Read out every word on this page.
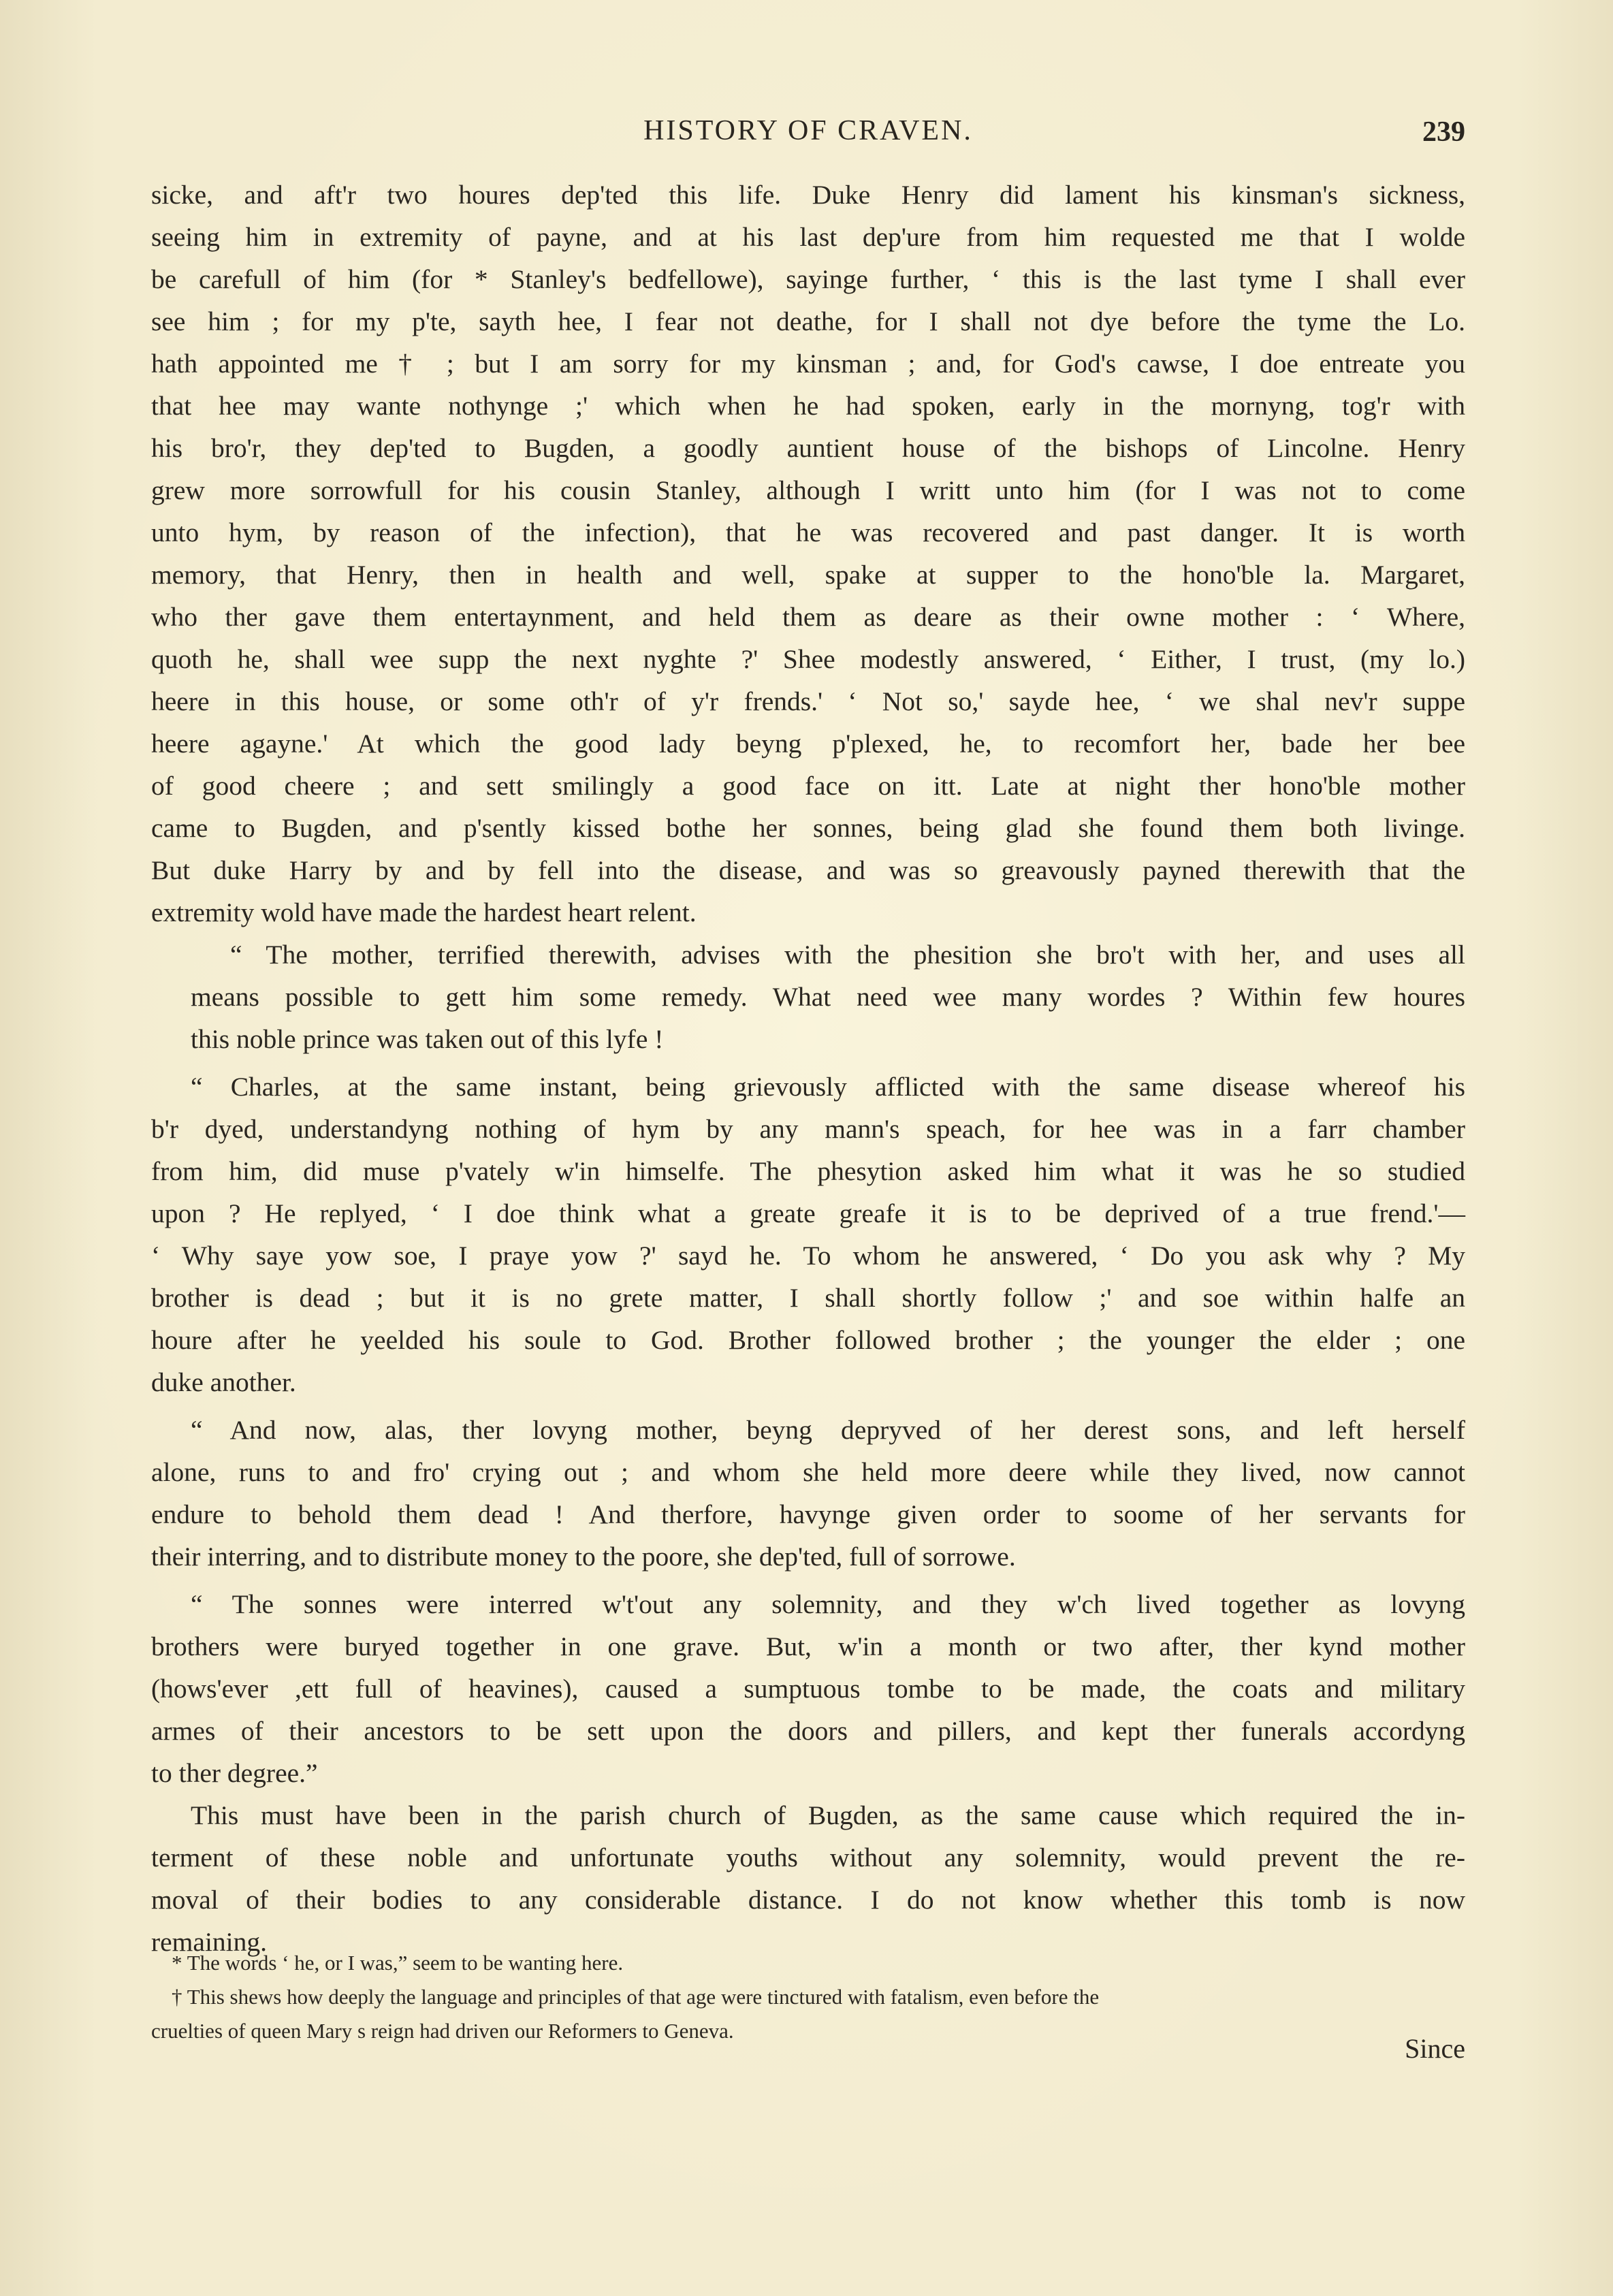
HISTORY OF CRAVEN.	239
sicke, and aft'r two houres dep'ted this life. Duke Henry did lament his kinsman's sickness,
seeing him in extremity of payne, and at his last dep'ure from him requested me that I wolde
be carefull of him (for * Stanley's bedfellowe), sayinge further, ‘ this is the last tyme I shall ever
see him ; for my p'te, sayth hee, I fear not deathe, for I shall not dye before the tyme the Lo.
hath appointed me † ; but I am sorry for my kinsman ; and, for God's cawse, I doe entreate you
that hee may wante nothynge ;' which when he had spoken, early in the mornyng, tog'r with
his bro'r, they dep'ted to Bugden, a goodly auntient house of the bishops of Lincolne. Henry
grew more sorrowfull for his cousin Stanley, although I writt unto him (for I was not to come
unto hym, by reason of the infection), that he was recovered and past danger. It is worth
memory, that Henry, then in health and well, spake at supper to the hono'ble la. Margaret,
who ther gave them entertaynment, and held them as deare as their owne mother : ‘ Where,
quoth he, shall wee supp the next nyghte ?' Shee modestly answered, ‘ Either, I trust, (my lo.)
heere in this house, or some oth'r of y'r frends.' ‘ Not so,' sayde hee, ‘ we shal nev'r suppe
heere agayne.' At which the good lady beyng p'plexed, he, to recomfort her, bade her bee
of good cheere ; and sett smilingly a good face on itt. Late at night ther hono'ble mother
came to Bugden, and p'sently kissed bothe her sonnes, being glad she found them both livinge.
But duke Harry by and by fell into the disease, and was so greavously payned therewith that the
extremity wold have made the hardest heart relent.
“ The mother, terrified therewith, advises with the phesition she bro't with her, and uses all
means possible to gett him some remedy. What need wee many wordes ? Within few houres
this noble prince was taken out of this lyfe !
“ Charles, at the same instant, being grievously afflicted with the same disease whereof his
b'r dyed, understandyng nothing of hym by any mann's speach, for hee was in a farr chamber
from him, did muse p'vately w'in himselfe. The phesytion asked him what it was he so studied
upon ? He replyed, ‘ I doe think what a greate greafe it is to be deprived of a true frend.'—
‘ Why saye yow soe, I praye yow ?' sayd he. To whom he answered, ‘ Do you ask why ? My
brother is dead ; but it is no grete matter, I shall shortly follow ;' and soe within halfe an
houre after he yeelded his soule to God. Brother followed brother ; the younger the elder ; one
duke another.
“ And now, alas, ther lovyng mother, beyng depryved of her derest sons, and left herself
alone, runs to and fro' crying out ; and whom she held more deere while they lived, now cannot
endure to behold them dead ! And therfore, havynge given order to soome of her servants for
their interring, and to distribute money to the poore, she dep'ted, full of sorrowe.
“ The sonnes were interred w't'out any solemnity, and they w'ch lived together as lovyng
brothers were buryed together in one grave. But, w'in a month or two after, ther kynd mother
(hows'ever ,ett full of heavines), caused a sumptuous tombe to be made, the coats and military
armes of their ancestors to be sett upon the doors and pillers, and kept ther funerals accordyng
to ther degree.”
This must have been in the parish church of Bugden, as the same cause which required the in-
terment of these noble and unfortunate youths without any solemnity, would prevent the re-
moval of their bodies to any considerable distance. I do not know whether this tomb is now
remaining.
* The words ‘ he, or I was,” seem to be wanting here.
† This shews how deeply the language and principles of that age were tinctured with fatalism, even before the
cruelties of queen Mary s reign had driven our Reformers to Geneva.
Since
